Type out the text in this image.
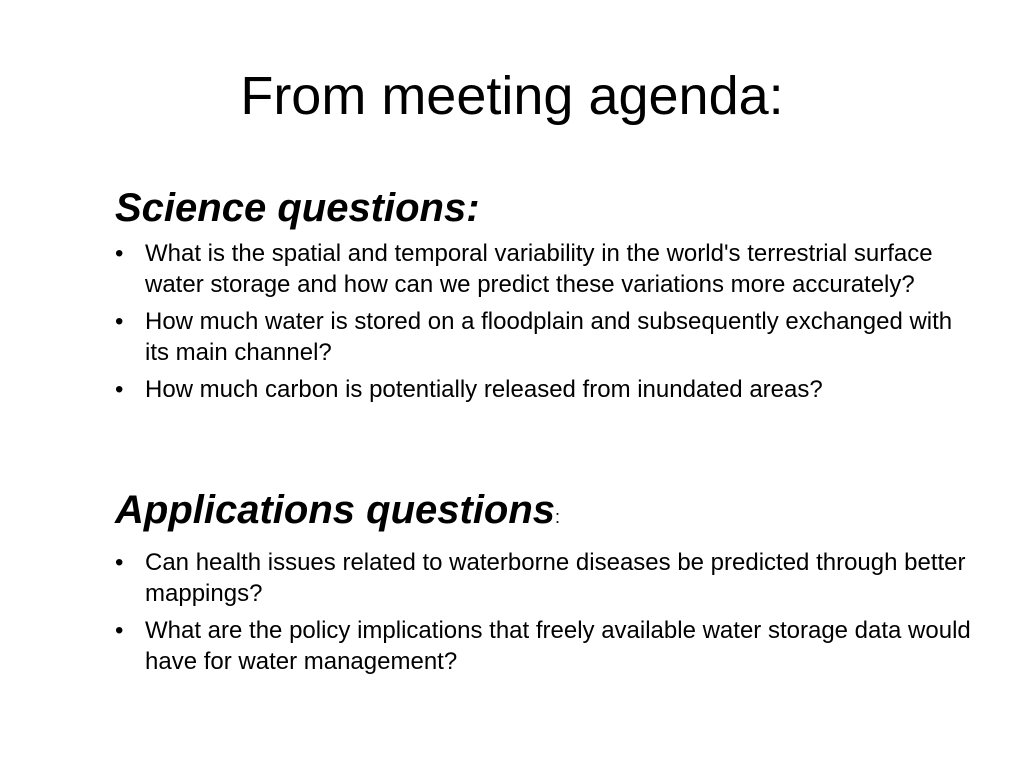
From meeting agenda:
Science questions:
• What is the spatial and temporal variability in the world's terrestrial surface water storage and how can we predict these variations more accurately?
• How much water is stored on a floodplain and subsequently exchanged with its main channel?
• How much carbon is potentially released from inundated areas?
Applications questions:
• Can health issues related to waterborne diseases be predicted through better mappings?
• What are the policy implications that freely available water storage data would have for water management?
